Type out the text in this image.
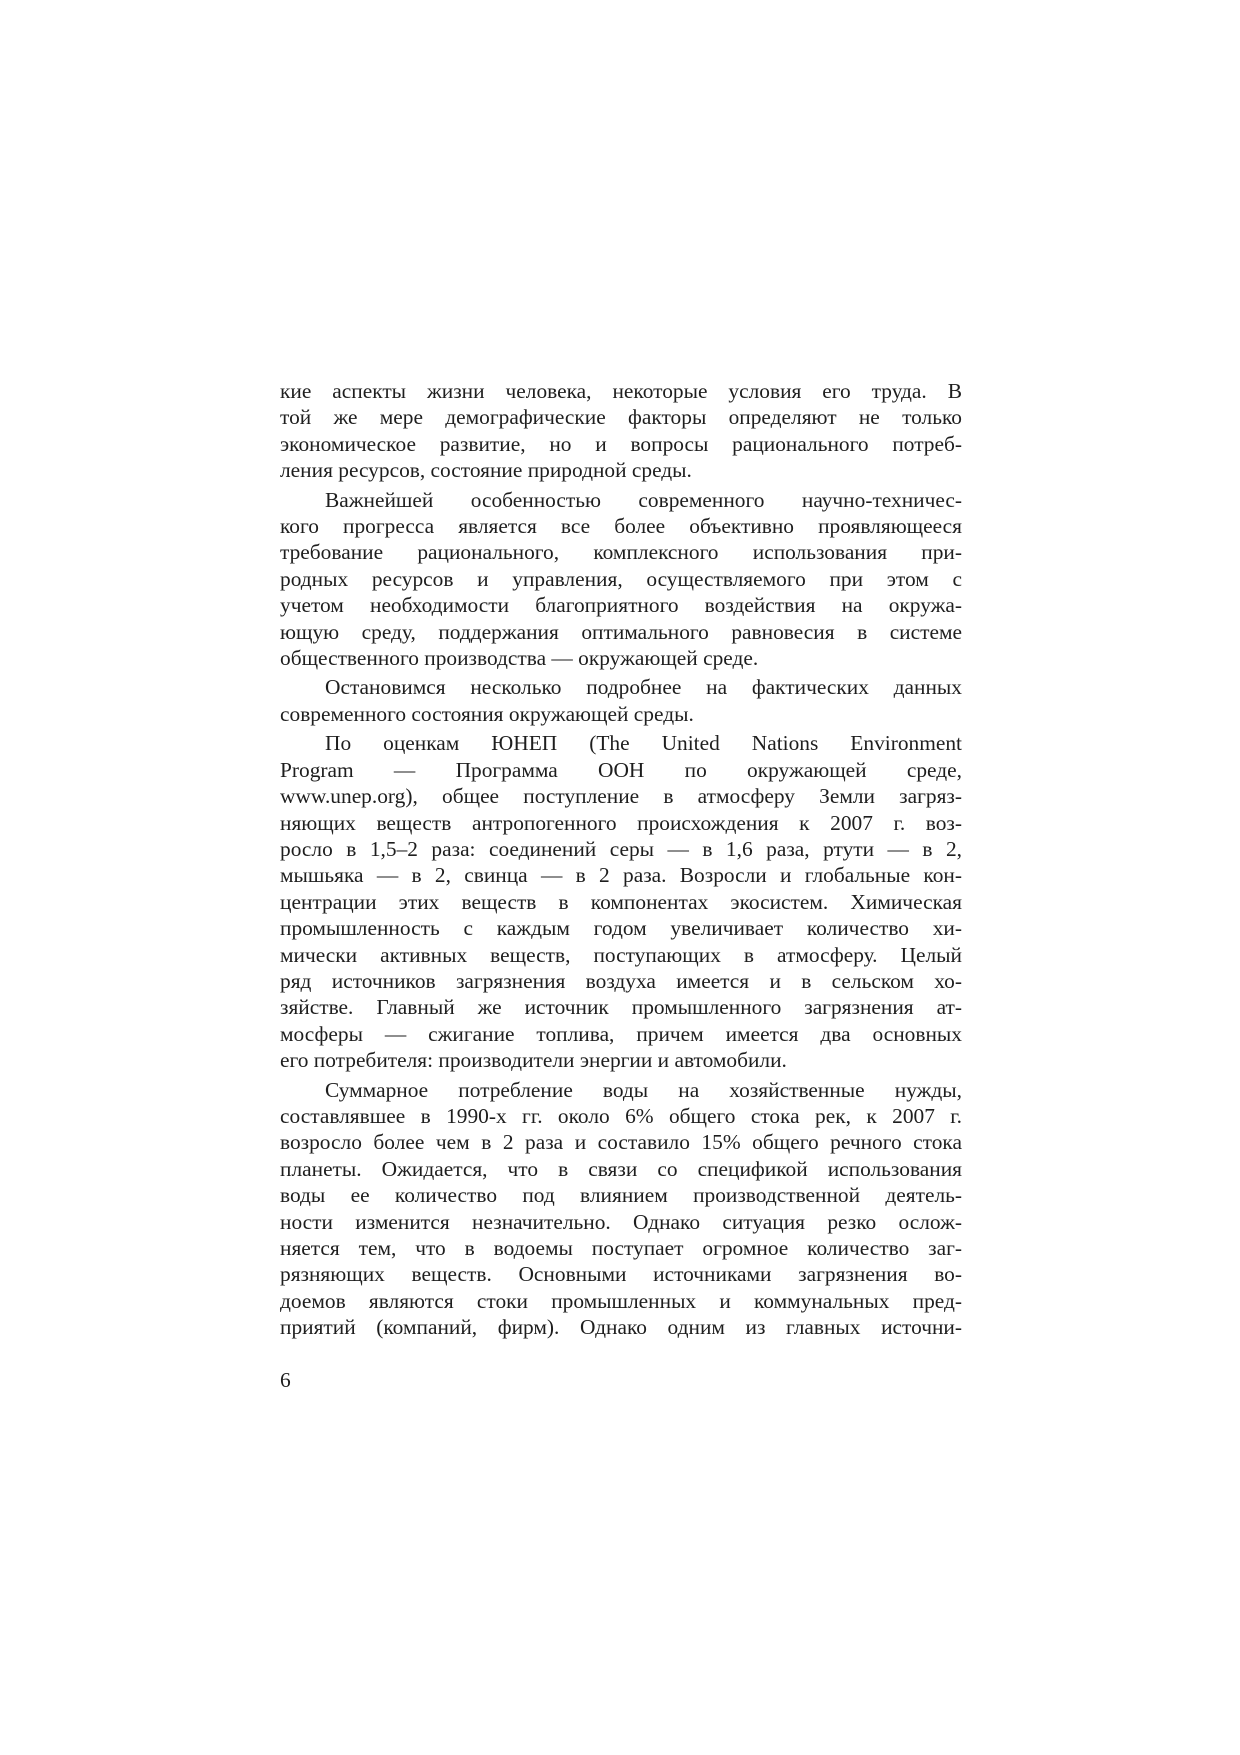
кие аспекты жизни человека, некоторые условия его труда. В
той же мере демографические факторы определяют не только
экономическое развитие, но и вопросы рационального потреб-
ления ресурсов, состояние природной среды.
Важнейшей особенностью современного научно-техничес-
кого прогресса является все более объективно проявляющееся
требование рационального, комплексного использования при-
родных ресурсов и управления, осуществляемого при этом с
учетом необходимости благоприятного воздействия на окружа-
ющую среду, поддержания оптимального равновесия в системе
общественного производства — окружающей среде.
Остановимся несколько подробнее на фактических данных
современного состояния окружающей среды.
По оценкам ЮНЕП (The United Nations Environment
Program — Программа ООН по окружающей среде,
www.unep.org), общее поступление в атмосферу Земли загряз-
няющих веществ антропогенного происхождения к 2007 г. воз-
росло в 1,5–2 раза: соединений серы — в 1,6 раза, ртути — в 2,
мышьяка — в 2, свинца — в 2 раза. Возросли и глобальные кон-
центрации этих веществ в компонентах экосистем. Химическая
промышленность с каждым годом увеличивает количество хи-
мически активных веществ, поступающих в атмосферу. Целый
ряд источников загрязнения воздуха имеется и в сельском хо-
зяйстве. Главный же источник промышленного загрязнения ат-
мосферы — сжигание топлива, причем имеется два основных
его потребителя: производители энергии и автомобили.
Суммарное потребление воды на хозяйственные нужды,
составлявшее в 1990-х гг. около 6% общего стока рек, к 2007 г.
возросло более чем в 2 раза и составило 15% общего речного стока
планеты. Ожидается, что в связи со спецификой использования
воды ее количество под влиянием производственной деятель-
ности изменится незначительно. Однако ситуация резко ослож-
няется тем, что в водоемы поступает огромное количество заг-
рязняющих веществ. Основными источниками загрязнения во-
доемов являются стоки промышленных и коммунальных пред-
приятий (компаний, фирм). Однако одним из главных источни-
6
